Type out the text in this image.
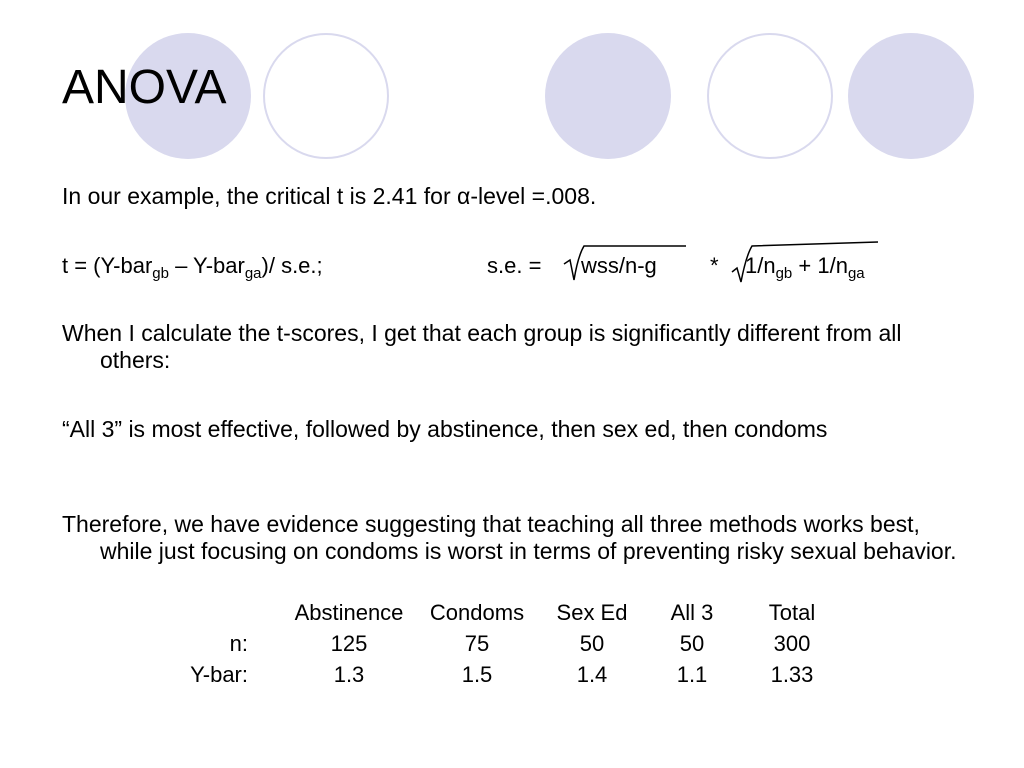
ANOVA

In our example, the critical t is 2.41 for α-level =.008.

t = (Y-bar$_{gb}$ – Y-bar$_{ga}$)/ s.e.;	s.e. = $wss/n-g * 1/n_{gb} + 1/n_{ga}$

When I calculate the t-scores, I get that each group is significantly different from all others:

“All 3” is most effective, followed by abstinence, then sex ed, then condoms

Therefore, we have evidence suggesting that teaching all three methods works best, while just focusing on condoms is worst in terms of preventing risky sexual behavior.

	Abstinence	Condoms	Sex Ed	All 3	Total
n:	125	75	50	50	300
Y-bar:	1.3	1.5	1.4	1.1	1.33
